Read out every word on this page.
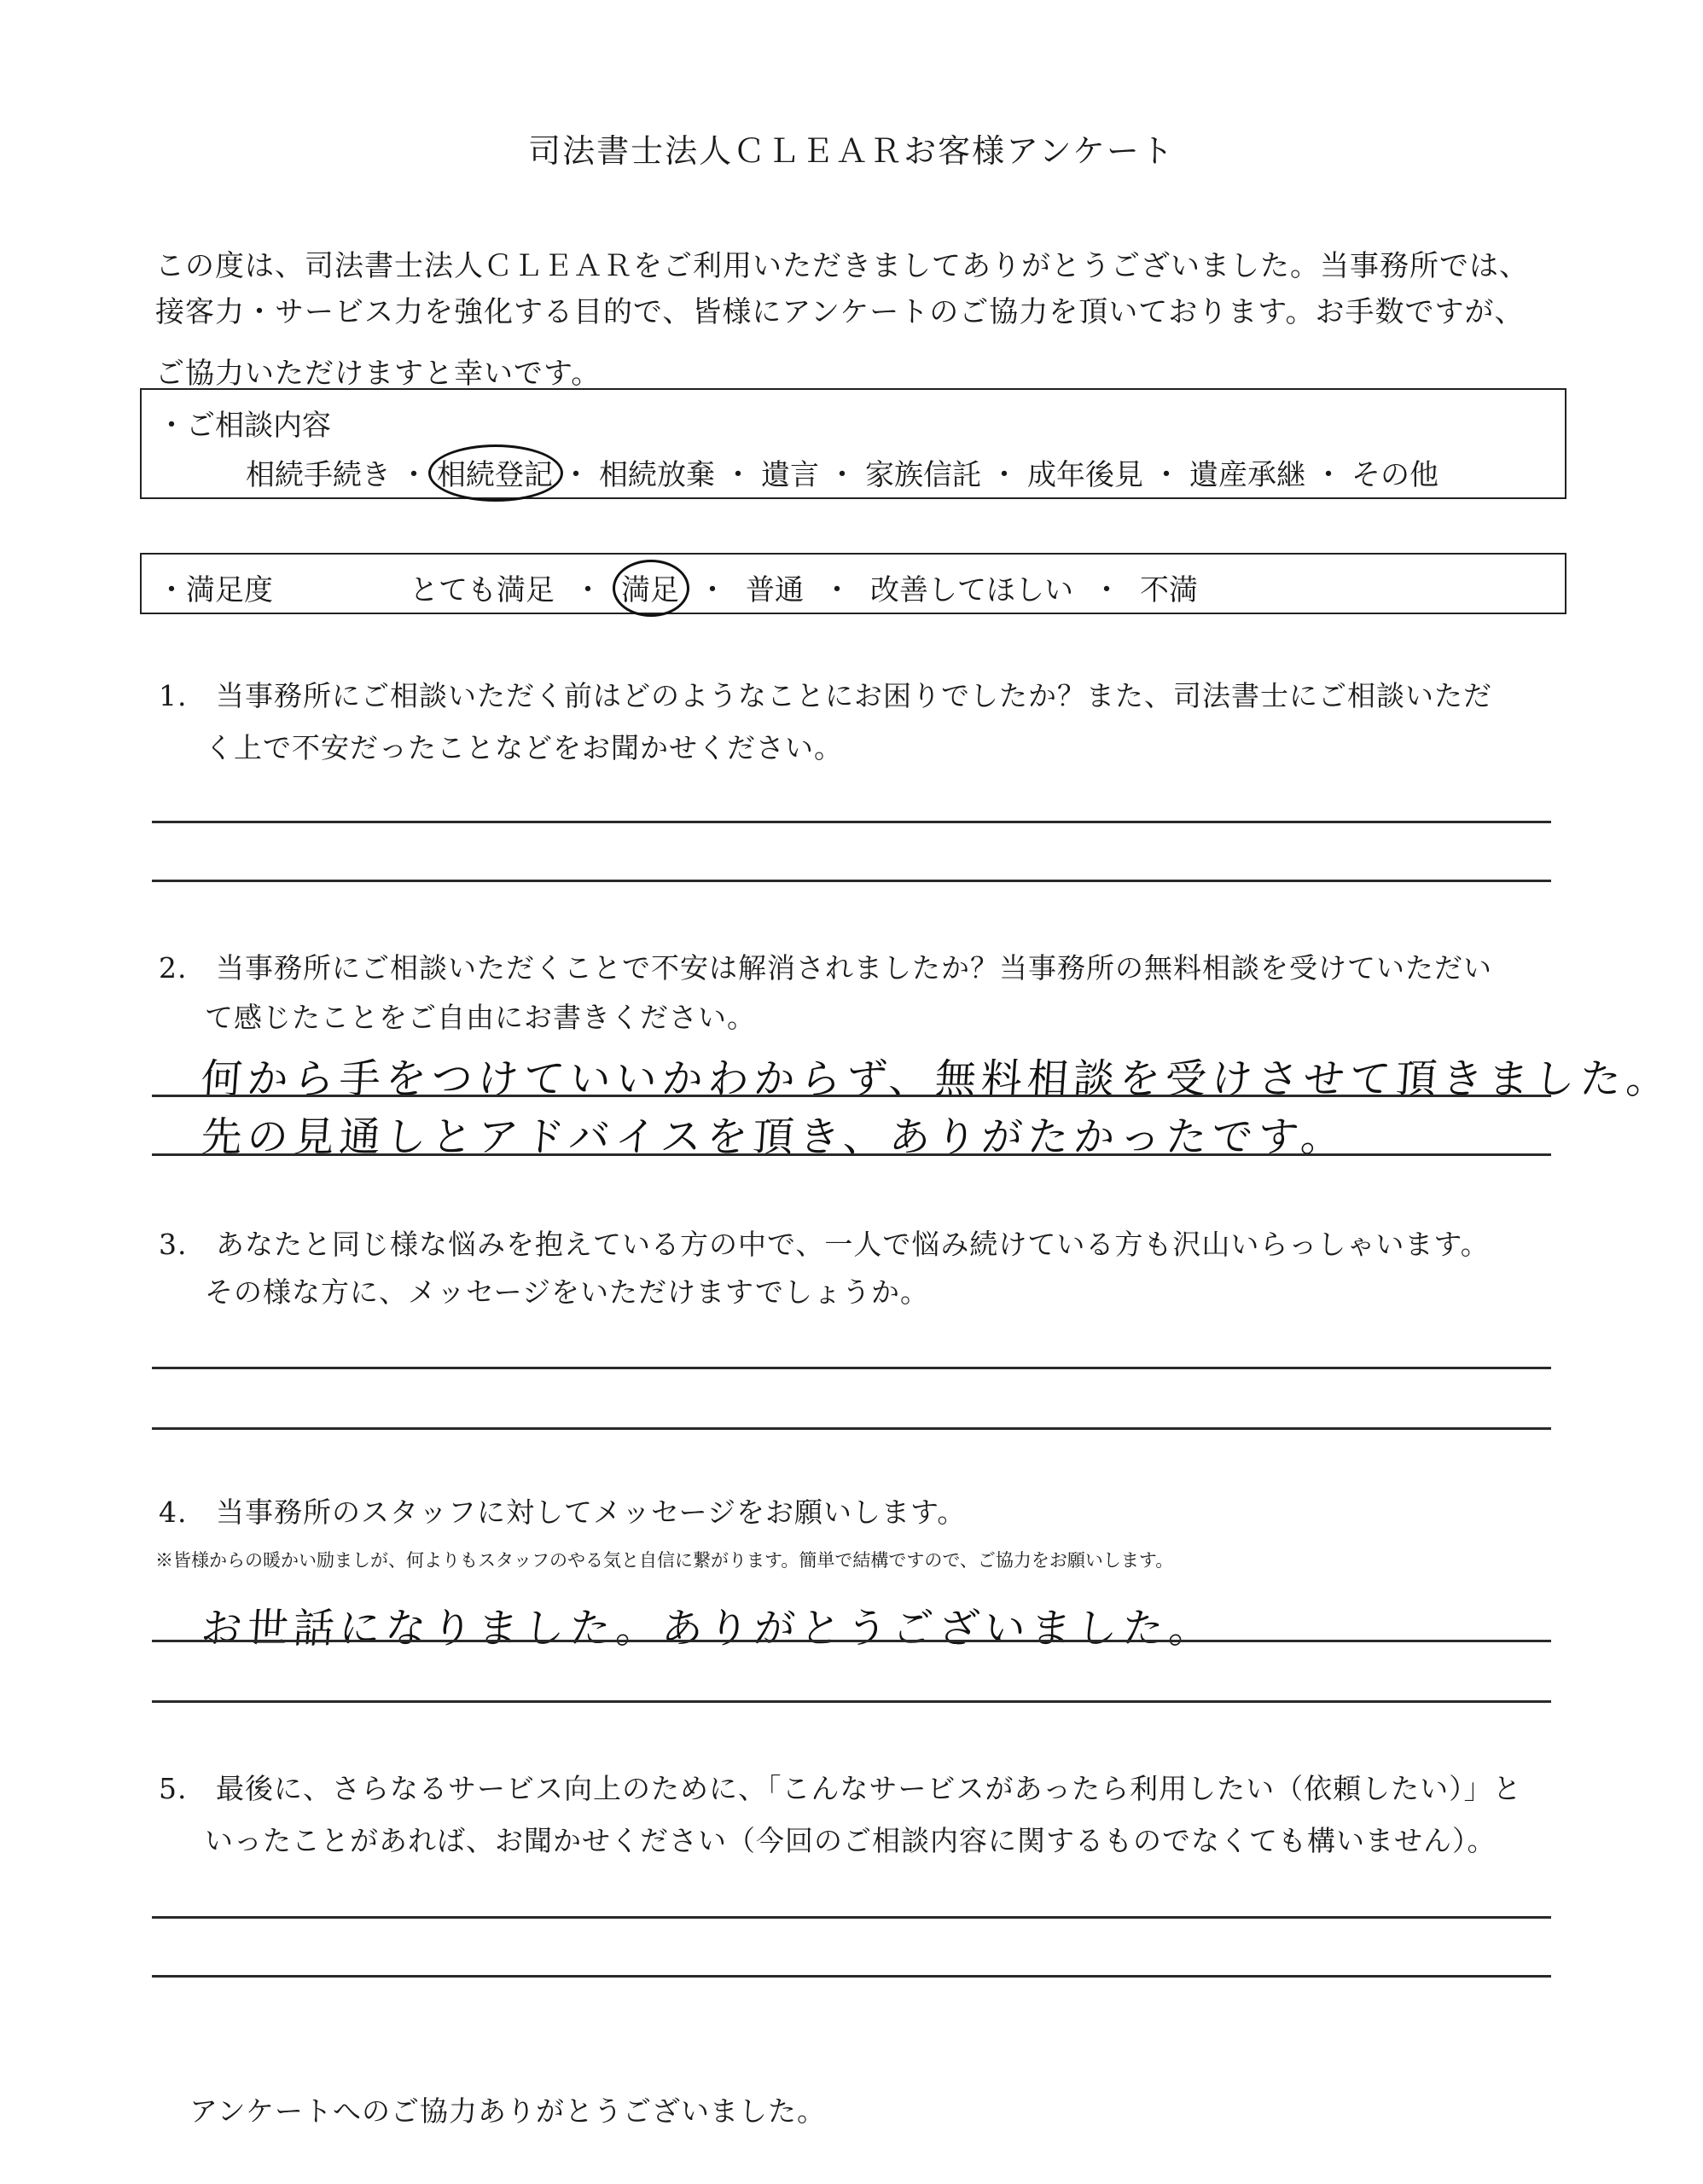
司法書士法人ＣＬＥＡＲお客様アンケート
この度は、司法書士法人ＣＬＥＡＲをご利用いただきましてありがとうございました。当事務所では、
接客力・サービス力を強化する目的で、皆様にアンケートのご協力を頂いております。お手数ですが、
ご協力いただけますと幸いです。
・ご相談内容
相続手続き ・ 相続登記 ・ 相続放棄 ・ 遺言 ・ 家族信託 ・ 成年後見 ・ 遺産承継 ・ その他
・満足度	とても満足 ・ 満足 ・ 普通 ・ 改善してほしい ・ 不満
1. 当事務所にご相談いただく前はどのようなことにお困りでしたか？また、司法書士にご相談いただ
く上で不安だったことなどをお聞かせください。
2. 当事務所にご相談いただくことで不安は解消されましたか？当事務所の無料相談を受けていただい
て感じたことをご自由にお書きください。
何から手をつけていいかわからず、無料相談を受けさせて頂きました。
先の見通しとアドバイスを頂き、ありがたかったです。
3. あなたと同じ様な悩みを抱えている方の中で、一人で悩み続けている方も沢山いらっしゃいます。
その様な方に、メッセージをいただけますでしょうか。
4. 当事務所のスタッフに対してメッセージをお願いします。
※皆様からの暖かい励ましが、何よりもスタッフのやる気と自信に繋がります。簡単で結構ですので、ご協力をお願いします。
お世話になりました。ありがとうございました。
5. 最後に、さらなるサービス向上のために、「こんなサービスがあったら利用したい（依頼したい）」と
いったことがあれば、お聞かせください（今回のご相談内容に関するものでなくても構いません）。
アンケートへのご協力ありがとうございました。
